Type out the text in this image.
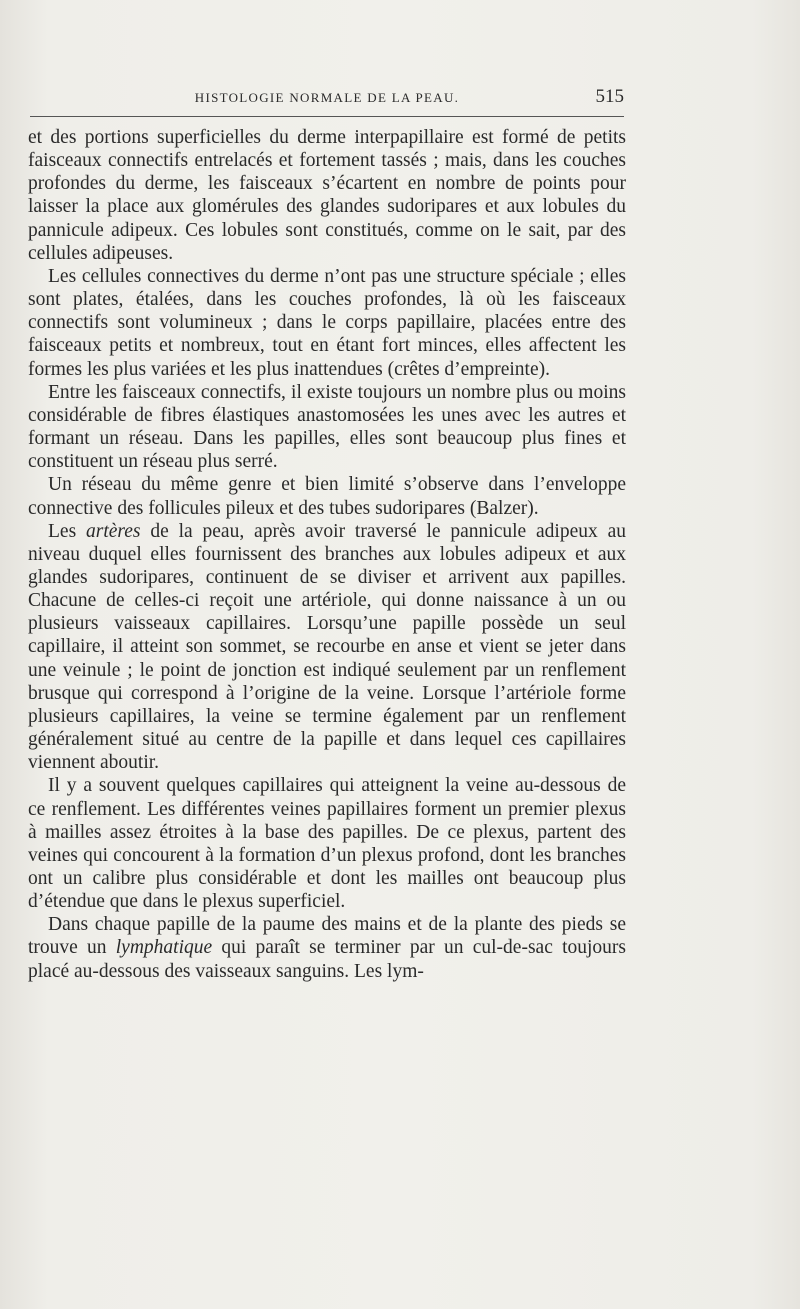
HISTOLOGIE NORMALE DE LA PEAU.	515

et des portions superficielles du derme interpapillaire est formé de petits faisceaux connectifs entrelacés et fortement tassés ; mais, dans les couches profondes du derme, les faisceaux s’écartent en nombre de points pour laisser la place aux glomérules des glandes sudoripares et aux lobules du pannicule adipeux. Ces lobules sont constitués, comme on le sait, par des cellules adipeuses.

Les cellules connectives du derme n’ont pas une structure spéciale ; elles sont plates, étalées, dans les couches profondes, là où les faisceaux connectifs sont volumineux ; dans le corps papillaire, placées entre des faisceaux petits et nombreux, tout en étant fort minces, elles affectent les formes les plus variées et les plus inattendues (crêtes d’empreinte).

Entre les faisceaux connectifs, il existe toujours un nombre plus ou moins considérable de fibres élastiques anastomosées les unes avec les autres et formant un réseau. Dans les papilles, elles sont beaucoup plus fines et constituent un réseau plus serré.

Un réseau du même genre et bien limité s’observe dans l’enveloppe connective des follicules pileux et des tubes sudoripares (Balzer).

Les artères de la peau, après avoir traversé le pannicule adipeux au niveau duquel elles fournissent des branches aux lobules adipeux et aux glandes sudoripares, continuent de se diviser et arrivent aux papilles. Chacune de celles-ci reçoit une artériole, qui donne naissance à un ou plusieurs vaisseaux capillaires. Lorsqu’une papille possède un seul capillaire, il atteint son sommet, se recourbe en anse et vient se jeter dans une veinule ; le point de jonction est indiqué seulement par un renflement brusque qui correspond à l’origine de la veine. Lorsque l’artériole forme plusieurs capillaires, la veine se termine également par un renflement généralement situé au centre de la papille et dans lequel ces capillaires viennent aboutir.

Il y a souvent quelques capillaires qui atteignent la veine au-dessous de ce renflement. Les différentes veines papillaires forment un premier plexus à mailles assez étroites à la base des papilles. De ce plexus, partent des veines qui concourent à la formation d’un plexus profond, dont les branches ont un calibre plus considérable et dont les mailles ont beaucoup plus d’étendue que dans le plexus superficiel.

Dans chaque papille de la paume des mains et de la plante des pieds se trouve un lymphatique qui paraît se terminer par un cul-de-sac toujours placé au-dessous des vaisseaux sanguins. Les lym-
